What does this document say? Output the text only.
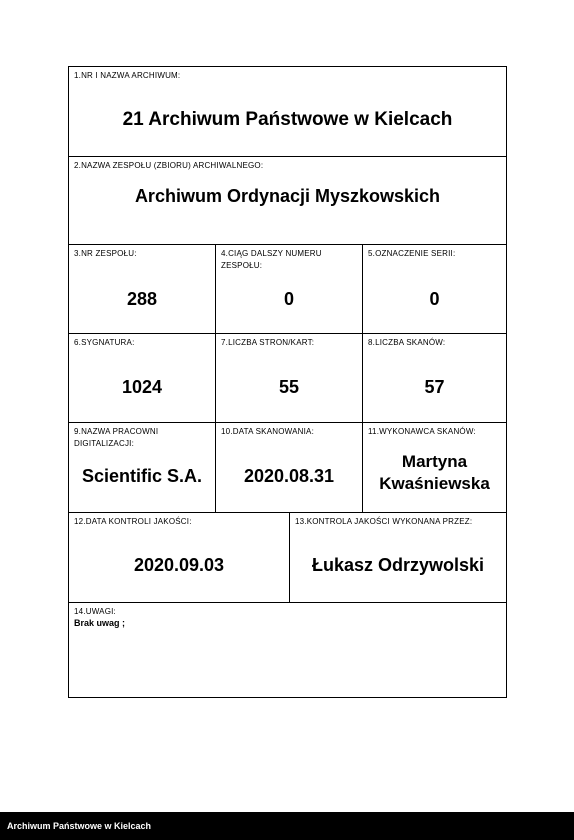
1.NR I NAZWA ARCHIWUM:
21 Archiwum Państwowe w Kielcach
2.NAZWA ZESPOŁU (ZBIORU) ARCHIWALNEGO:
Archiwum Ordynacji Myszkowskich
3.NR ZESPOŁU:
288
4.CIĄG DALSZY NUMERU ZESPOŁU:
0
5.OZNACZENIE SERII:
0
6.SYGNATURA:
1024
7.LICZBA STRON/KART:
55
8.LICZBA SKANÓW:
57
9.NAZWA PRACOWNI DIGITALIZACJI:
Scientific S.A.
10.DATA SKANOWANIA:
2020.08.31
11.WYKONAWCA SKANÓW:
Martyna
Kwaśniewska
12.DATA KONTROLI JAKOŚCI:
2020.09.03
13.KONTROLA JAKOŚCI WYKONANA PRZEZ:
Łukasz Odrzywolski
14.UWAGI:
Brak uwag ;
Archiwum Państwowe w Kielcach
